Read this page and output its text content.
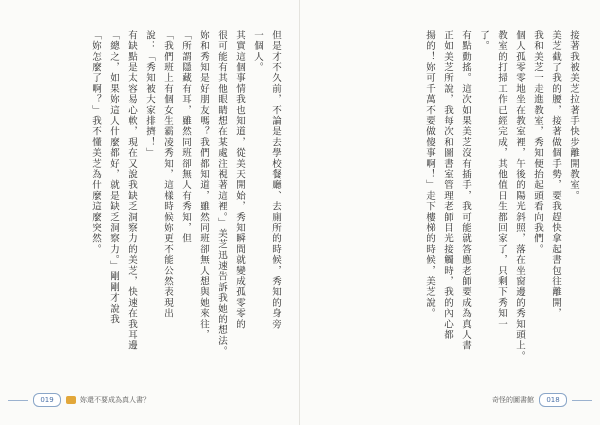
但是才不久前，不論是去學校餐廳、去廁所的時候，秀知的身旁

一個人。

其實這個事情我也知道，從美天開始，秀知瞬間就變成孤零零的

很可能有其他眼睛想在某處注視著這裡。」美芝迅速告訴我她的想法。

妳和秀知是好朋友嗎？我們都知道，雖然同班卻無人想與她來往，

「所謂隱藏有耳，雖然同班卻無人有秀知，但

「我們班上有個女生霸凌秀知，這樣時候妳更不能公然表現出

說：「秀知被大家排擠！」

有缺點是太容易心軟，現在又說我缺乏洞察力的美芝，快速在我耳邊

「總之，如果妳這人什麼都好，就是缺乏洞察力。」剛剛才說我

「妳怎麼了啊？」我不懂美芝為什麼這麼突然。

019	妳還不要成為真人書？

接著我被美芝拉著手快步離開教室。

美芝截了我的腰，接著做個手勢，要我趕快拿起書包往離開，

我和美芝一走進教室，秀知便抬起頭看向我們。

個人孤零零地坐在教室裡，午後的陽光斜照，落在坐窗邊的秀知頭上。

教室的打掃工作已經完成，其他值日生都回家了，只剩下秀知一

了。

有點動搖。這次如果美芝沒有插手，我可能就答應老師要成為真人書

正如美芝所說，我每次和圖書室管理老師目光接觸時，我的內心都

揚的！妳可千萬不要做傻事啊！」走下樓梯的時候，美芝說。

奇怪的圖書館	018
